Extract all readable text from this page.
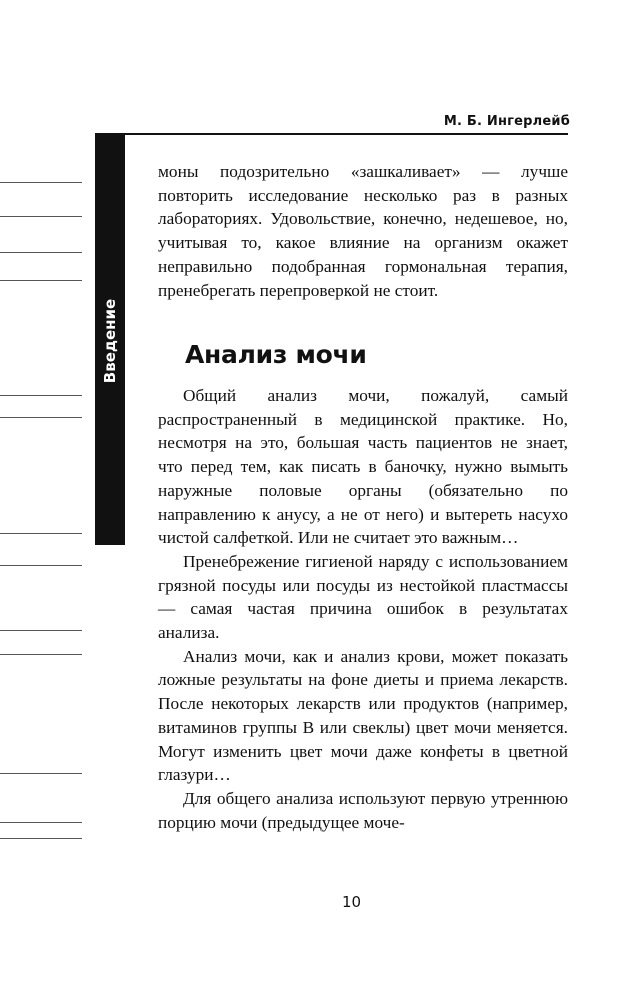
М. Б. Ингерлейб
Введение

моны подозрительно «зашкаливает» — лучше повторить исследование несколько раз в разных лабораториях. Удовольствие, конечно, недешевое, но, учитывая то, какое влияние на организм окажет неправильно подобранная гормональная терапия, пренебрегать перепроверкой не стоит.

Анализ мочи

Общий анализ мочи, пожалуй, самый распространенный в медицинской практике. Но, несмотря на это, большая часть пациентов не знает, что перед тем, как писать в баночку, нужно вымыть наружные половые органы (обязательно по направлению к анусу, а не от него) и вытереть насухо чистой салфеткой. Или не считает это важным…

Пренебрежение гигиеной наряду с использованием грязной посуды или посуды из нестойкой пластмассы — самая частая причина ошибок в результатах анализа.

Анализ мочи, как и анализ крови, может показать ложные результаты на фоне диеты и приема лекарств. После некоторых лекарств или продуктов (например, витаминов группы В или свеклы) цвет мочи меняется. Могут изменить цвет мочи даже конфеты в цветной глазури…

Для общего анализа используют первую утреннюю порцию мочи (предыдущее моче-

10
